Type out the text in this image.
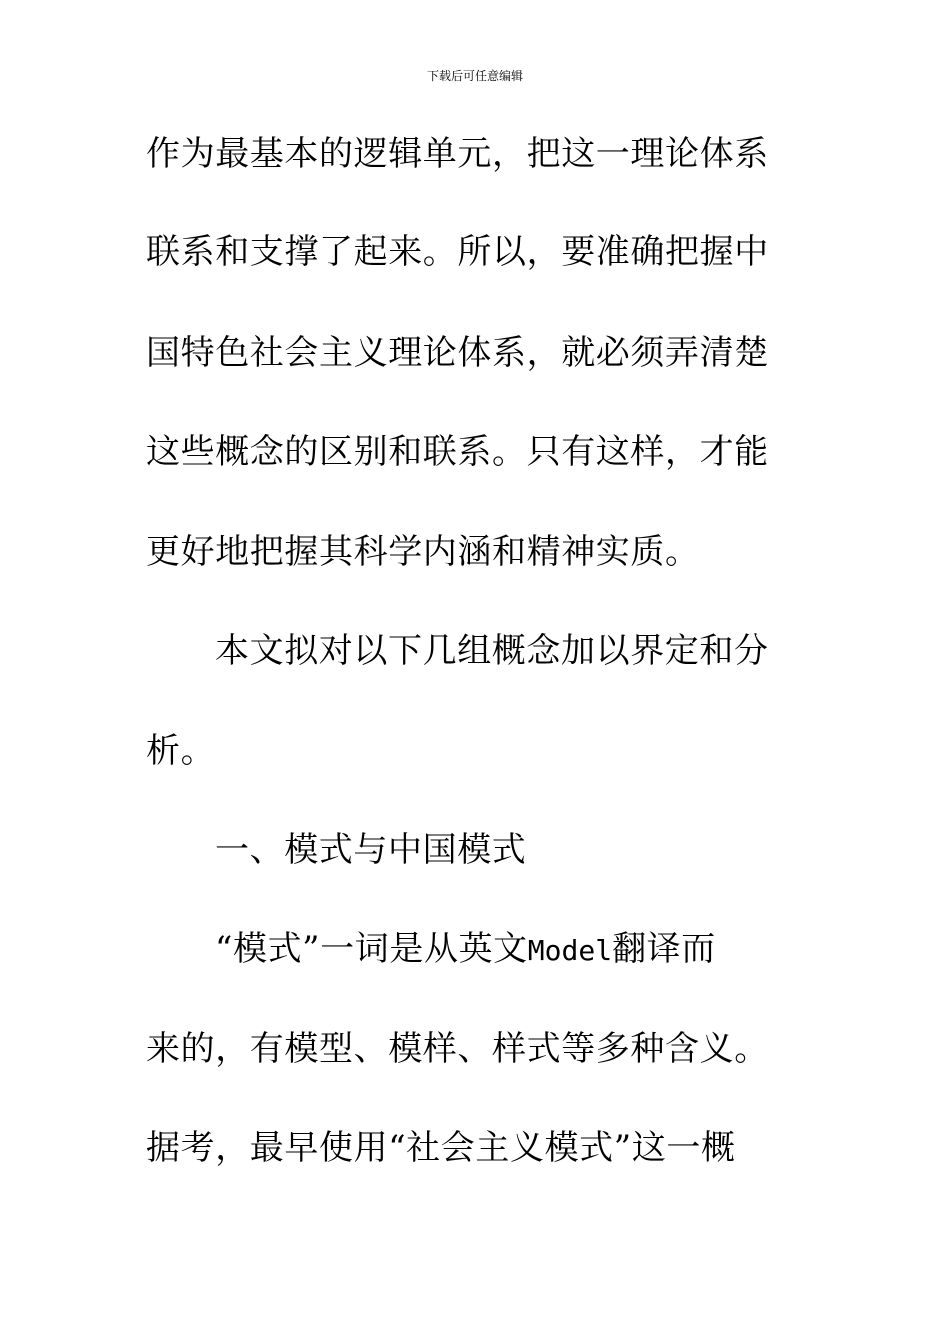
下载后可任意编辑
作为最基本的逻辑单元，把这一理论体系
联系和支撑了起来。所以，要准确把握中
国特色社会主义理论体系，就必须弄清楚
这些概念的区别和联系。只有这样，才能
更好地把握其科学内涵和精神实质。
本文拟对以下几组概念加以界定和分
析。
一、模式与中国模式
“模式”一词是从英文Model翻译而
来的，有模型、模样、样式等多种含义。
据考，最早使用“社会主义模式”这一概
